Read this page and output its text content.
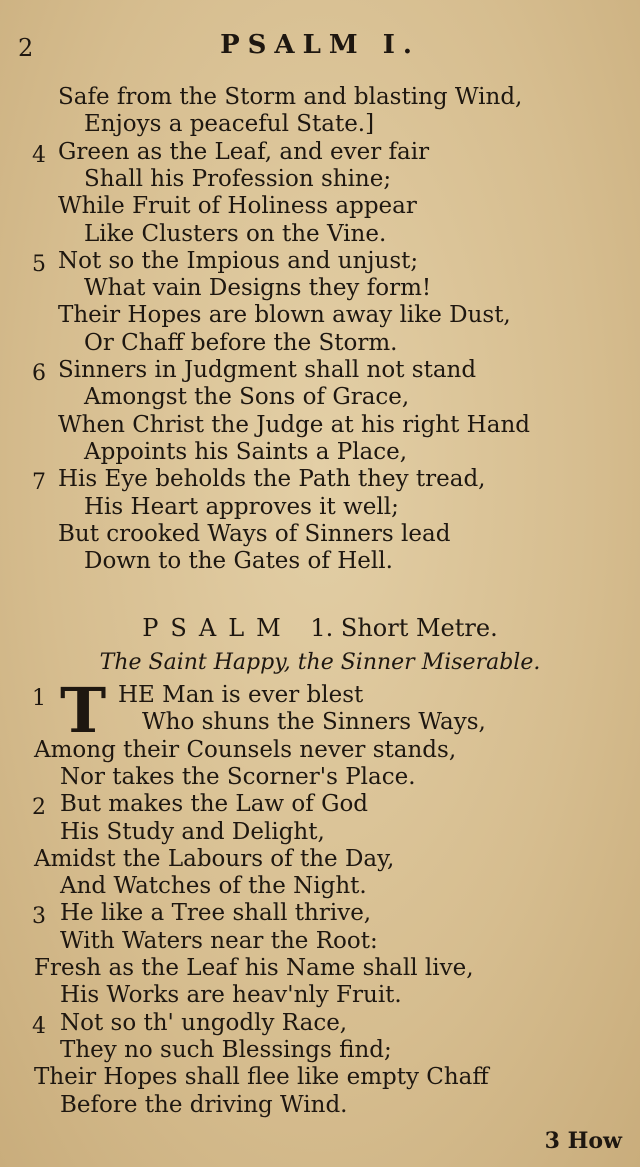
2	PSALM I.
Safe from the Storm and blasting Wind,
Enjoys a peaceful State.]
4 Green as the Leaf, and ever fair
Shall his Profession shine;
While Fruit of Holiness appear
Like Clusters on the Vine.
5 Not so the Impious and unjust;
What vain Designs they form!
Their Hopes are blown away like Dust,
Or Chaff before the Storm.
6 Sinners in Judgment shall not stand
Amongst the Sons of Grace,
When Christ the Judge at his right Hand
Appoints his Saints a Place,
7 His Eye beholds the Path they tread,
His Heart approves it well;
But crooked Ways of Sinners lead
Down to the Gates of Hell.
PSALM 1. Short Metre.
The Saint Happy, the Sinner Miserable.
T
1	HE Man is ever blest
Who shuns the Sinners Ways,
Among their Counsels never stands,
Nor takes the Scorner's Place.
2 But makes the Law of God
His Study and Delight,
Amidst the Labours of the Day,
And Watches of the Night.
3 He like a Tree shall thrive,
With Waters near the Root:
Fresh as the Leaf his Name shall live,
His Works are heav'nly Fruit.
4 Not so th' ungodly Race,
They no such Blessings find;
Their Hopes shall flee like empty Chaff
Before the driving Wind.
3 How
